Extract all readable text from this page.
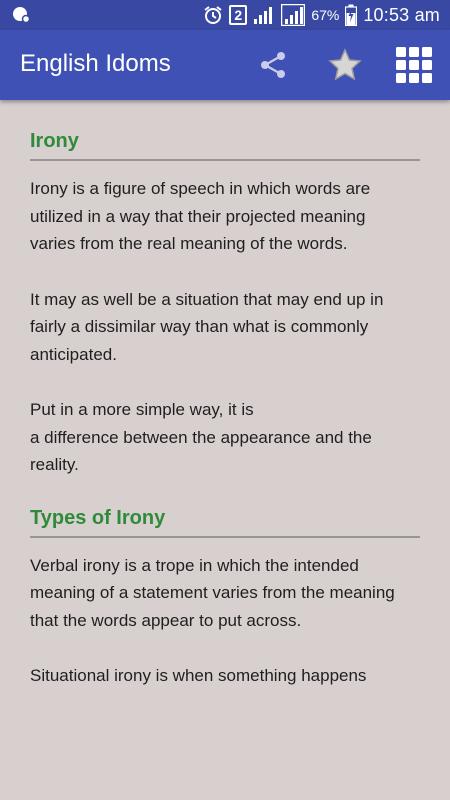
2	67% 10:53 am
English Idoms
Irony

Irony is a figure of speech in which words are
utilized in a way that their projected meaning
varies from the real meaning of the words.

It may as well be a situation that may end up in
fairly a dissimilar way than what is commonly
anticipated.

Put in a more simple way, it is
a difference between the appearance and the
reality.

Types of Irony

Verbal irony is a trope in which the intended
meaning of a statement varies from the meaning
that the words appear to put across.

Situational irony is when something happens
